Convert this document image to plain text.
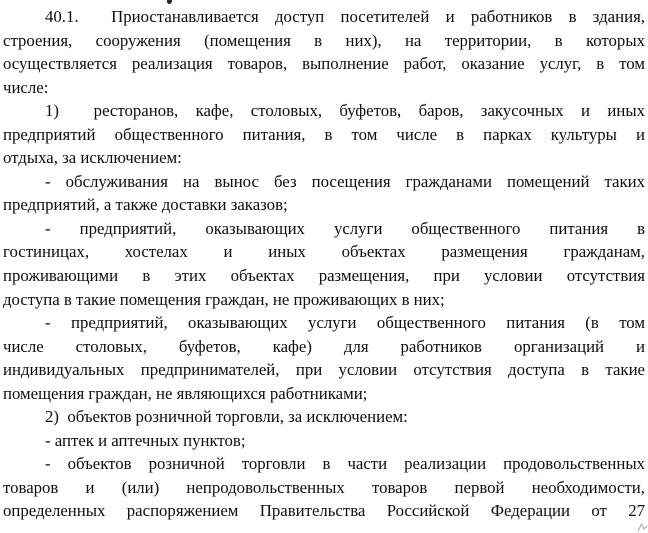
40.1.  Приостанавливается доступ посетителей и работников в здания,
строения, сооружения (помещения в них), на территории, в которых
осуществляется реализация товаров, выполнение работ, оказание услуг, в том
числе:
1)  ресторанов, кафе, столовых, буфетов, баров, закусочных и иных
предприятий общественного питания, в том числе в парках культуры и
отдыха, за исключением:
- обслуживания на вынос без посещения гражданами помещений таких
предприятий, а также доставки заказов;
- предприятий, оказывающих услуги общественного питания в
гостиницах, хостелах и иных объектах размещения гражданам,
проживающими в этих объектах размещения, при условии отсутствия
доступа в такие помещения граждан, не проживающих в них;
- предприятий, оказывающих услуги общественного питания (в том
числе столовых, буфетов, кафе) для работников организаций и
индивидуальных предпринимателей, при условии отсутствия доступа в такие
помещения граждан, не являющихся работниками;
2)  объектов розничной торговли, за исключением:
- аптек и аптечных пунктов;
- объектов розничной торговли в части реализации продовольственных
товаров и (или) непродовольственных товаров первой необходимости,
определенных распоряжением Правительства Российской Федерации от 27
